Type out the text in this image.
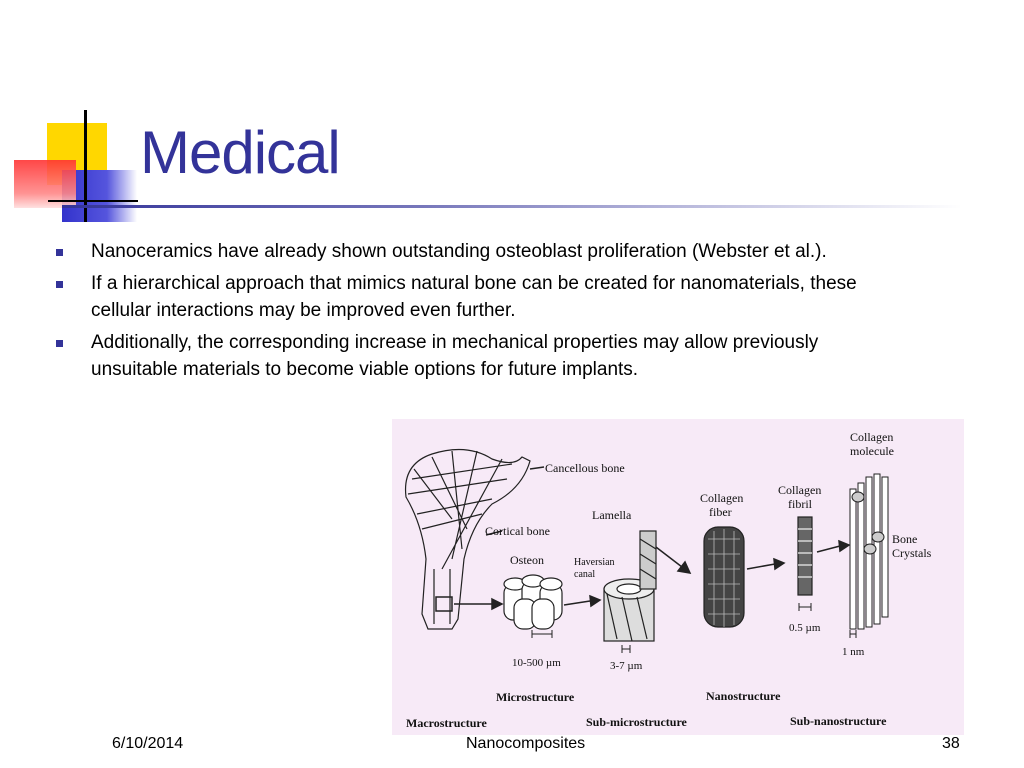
Medical
Nanoceramics have already shown outstanding osteoblast proliferation (Webster et al.).
If a hierarchical approach that mimics natural bone can be created for nanomaterials, these cellular interactions may be improved even further.
Additionally, the corresponding increase in mechanical properties may allow previously unsuitable materials to become viable options for future implants.
Cancellous bone
Cortical bone
Osteon
Lamella
Haversian
canal
Collagen
fiber
Collagen
fibril
Collagen
molecule
Bone
Crystals
10-500 µm	3-7 µm
0.5 µm
1 nm
Microstructure	Nanostructure
Macrostructure	Sub-microstructure	Sub-nanostructure
6/10/2014	Nanocomposites	38
